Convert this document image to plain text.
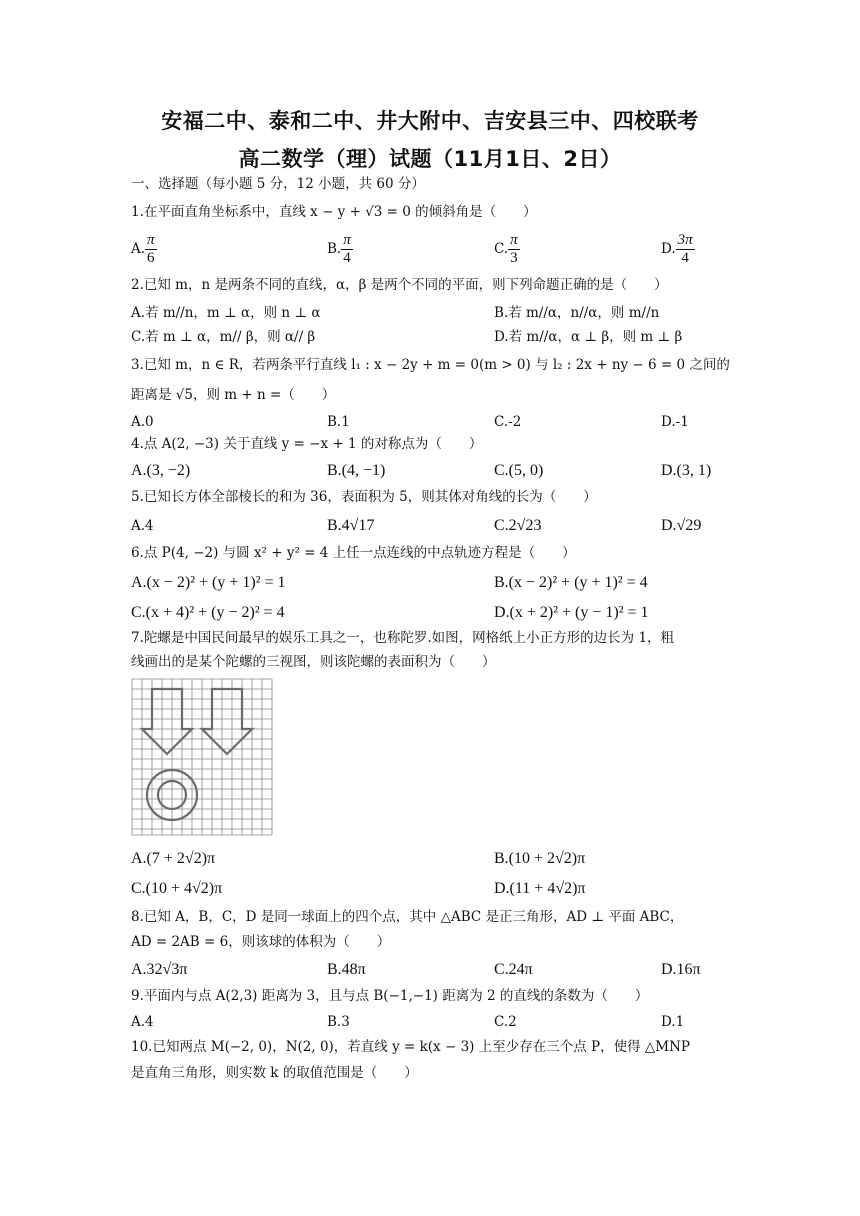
安福二中、泰和二中、井大附中、吉安县三中、四校联考
高二数学（理）试题（11月1日、2日）
一、选择题（每小题 5 分，12 小题，共 60 分）
1.在平面直角坐标系中，直线 x − y + √3 = 0 的倾斜角是（　　）
A. $\frac{\pi}{6}$	B. $\frac{\pi}{4}$	C. $\frac{\pi}{3}$	D. $\frac{3\pi}{4}$
2.已知 m，n 是两条不同的直线，α，β 是两个不同的平面，则下列命题正确的是（　　）
A.若 m//n，m ⊥ α，则 n ⊥ α	B.若 m//α，n//α，则 m//n
C.若 m ⊥ α，m// β，则 α// β	D.若 m//α，α ⊥ β，则 m ⊥ β
3.已知 m，n ∈ R，若两条平行直线 l₁ : x − 2y + m = 0(m > 0) 与 l₂ : 2x + ny − 6 = 0 之间的
距离是 √5，则 m + n =（　　）
A.0	B.1	C.-2	D.-1
4.点 A(2, −3) 关于直线 y = −x + 1 的对称点为（　　）
A.(3, −2)	B.(4, −1)	C.(5, 0)	D.(3, 1)
5.已知长方体全部棱长的和为 36，表面积为 5，则其体对角线的长为（　　）
A.4	B.4√17	C.2√23	D.√29
6.点 P(4, −2) 与圆 x² + y² = 4 上任一点连线的中点轨迹方程是（　　）
A.(x − 2)² + (y + 1)² = 1	B.(x − 2)² + (y + 1)² = 4
C.(x + 4)² + (y − 2)² = 4	D.(x + 2)² + (y − 1)² = 1
7.陀螺是中国民间最早的娱乐工具之一，也称陀罗.如图，网格纸上小正方形的边长为 1，粗
线画出的是某个陀螺的三视图，则该陀螺的表面积为（　　）
A.(7 + 2√2)π	B.(10 + 2√2)π
C.(10 + 4√2)π	D.(11 + 4√2)π
8.已知 A，B，C，D 是同一球面上的四个点，其中 △ABC 是正三角形，AD ⊥ 平面 ABC，
AD = 2AB = 6，则该球的体积为（　　）
A.32√3π	B.48π	C.24π	D.16π
9.平面内与点 A(2,3) 距离为 3，且与点 B(−1,−1) 距离为 2 的直线的条数为（　　）
A.4	B.3	C.2	D.1
10.已知两点 M(−2, 0)，N(2, 0)，若直线 y = k(x − 3) 上至少存在三个点 P，使得 △MNP
是直角三角形，则实数 k 的取值范围是（　　）
